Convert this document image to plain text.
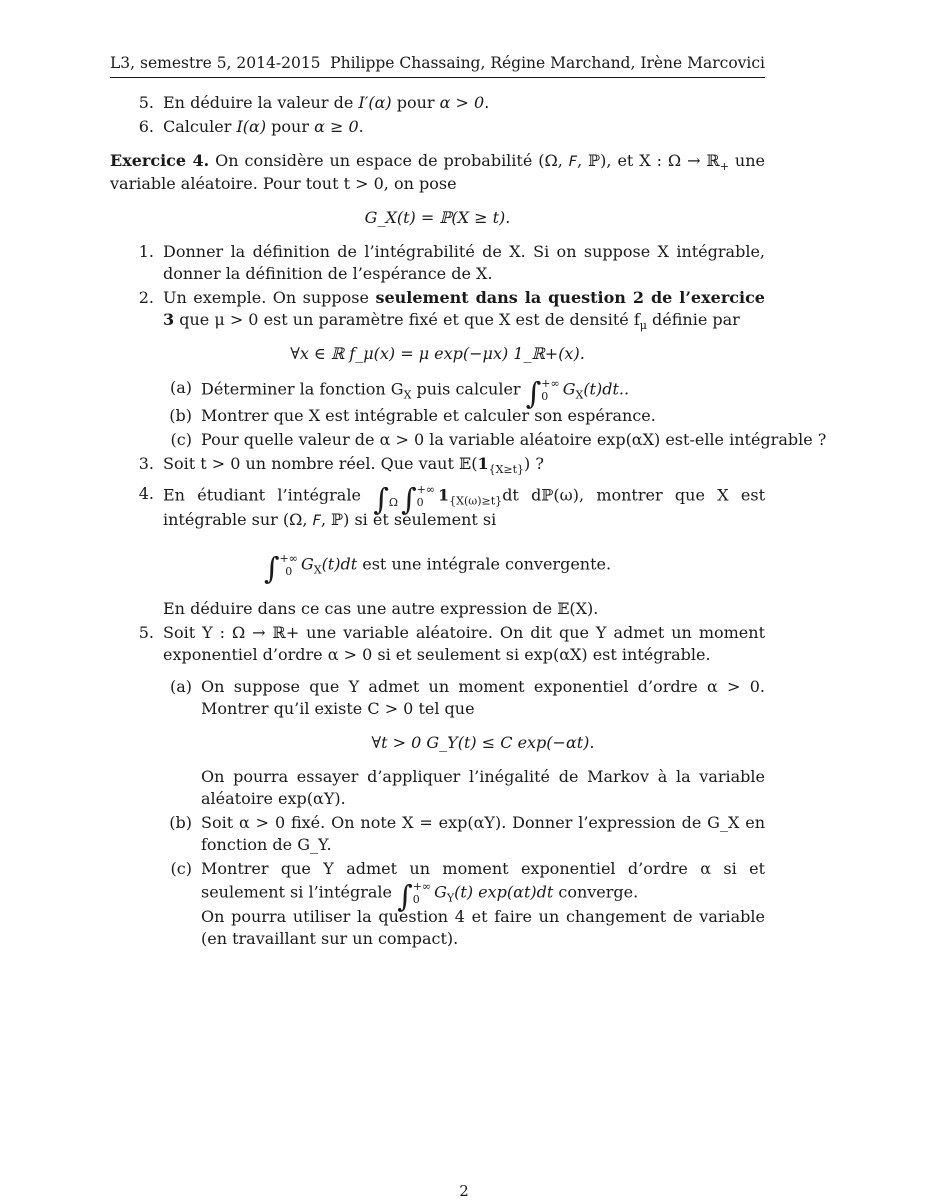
L3, semestre 5, 2014-2015 Philippe Chassaing, Régine Marchand, Irène Marcovici
5. En déduire la valeur de I′(α) pour α > 0.
6. Calculer I(α) pour α ≥ 0.
Exercice 4. On considère un espace de probabilité (Ω, F, ℙ), et X : Ω → ℝ$_+$ une variable aléatoire. Pour tout t > 0, on pose
G_X(t) = ℙ(X ≥ t).
1. Donner la définition de l’intégrabilité de X. Si on suppose X intégrable, donner la définition de l’espérance de X.
2. Un exemple. On suppose seulement dans la question 2 de l’exercice 3 que μ > 0 est un paramètre fixé et que X est de densité $f_\mu$ définie par
∀x ∈ ℝ f_μ(x) = μ exp(−μx) 1_ℝ+(x).
(a) Déterminer la fonction $G_X$ puis calculer ∫ +∞
0 $G_X(t)dt$..
(b) Montrer que X est intégrable et calculer son espérance.
(c) Pour quelle valeur de α > 0 la variable aléatoire exp(αX) est-elle intégrable ?
3. Soit t > 0 un nombre réel. Que vaut $𝔼(1_{\{X\ge t\}})$ ?
4. En étudiant l’intégrale ∫
Ω ∫ +∞
0 $1_{\{X(\omega)\ge t\}}dt$ dℙ(ω), montrer que X est intégrable sur (Ω, F, ℙ) si et seulement si
∫ +∞
0 $G_X(t)dt$ est une intégrale convergente.
En déduire dans ce cas une autre expression de 𝔼(X).
5. Soit Y : Ω → ℝ+ une variable aléatoire. On dit que Y admet un moment exponentiel d’ordre α > 0 si et seulement si exp(αX) est intégrable.
(a) On suppose que Y admet un moment exponentiel d’ordre α > 0. Montrer qu’il existe C > 0 tel que
∀t > 0 G_Y(t) ≤ C exp(−αt).
On pourra essayer d’appliquer l’inégalité de Markov à la variable aléatoire exp(αY).
(b) Soit α > 0 fixé. On note X = exp(αY). Donner l’expression de G_X en fonction de G_Y.
(c) Montrer que Y admet un moment exponentiel d’ordre α si et seulement si l’intégrale ∫ +∞
0 $G_Y(t)$ exp(αt)dt converge.
On pourra utiliser la question 4 et faire un changement de variable (en travaillant sur un compact).
2
